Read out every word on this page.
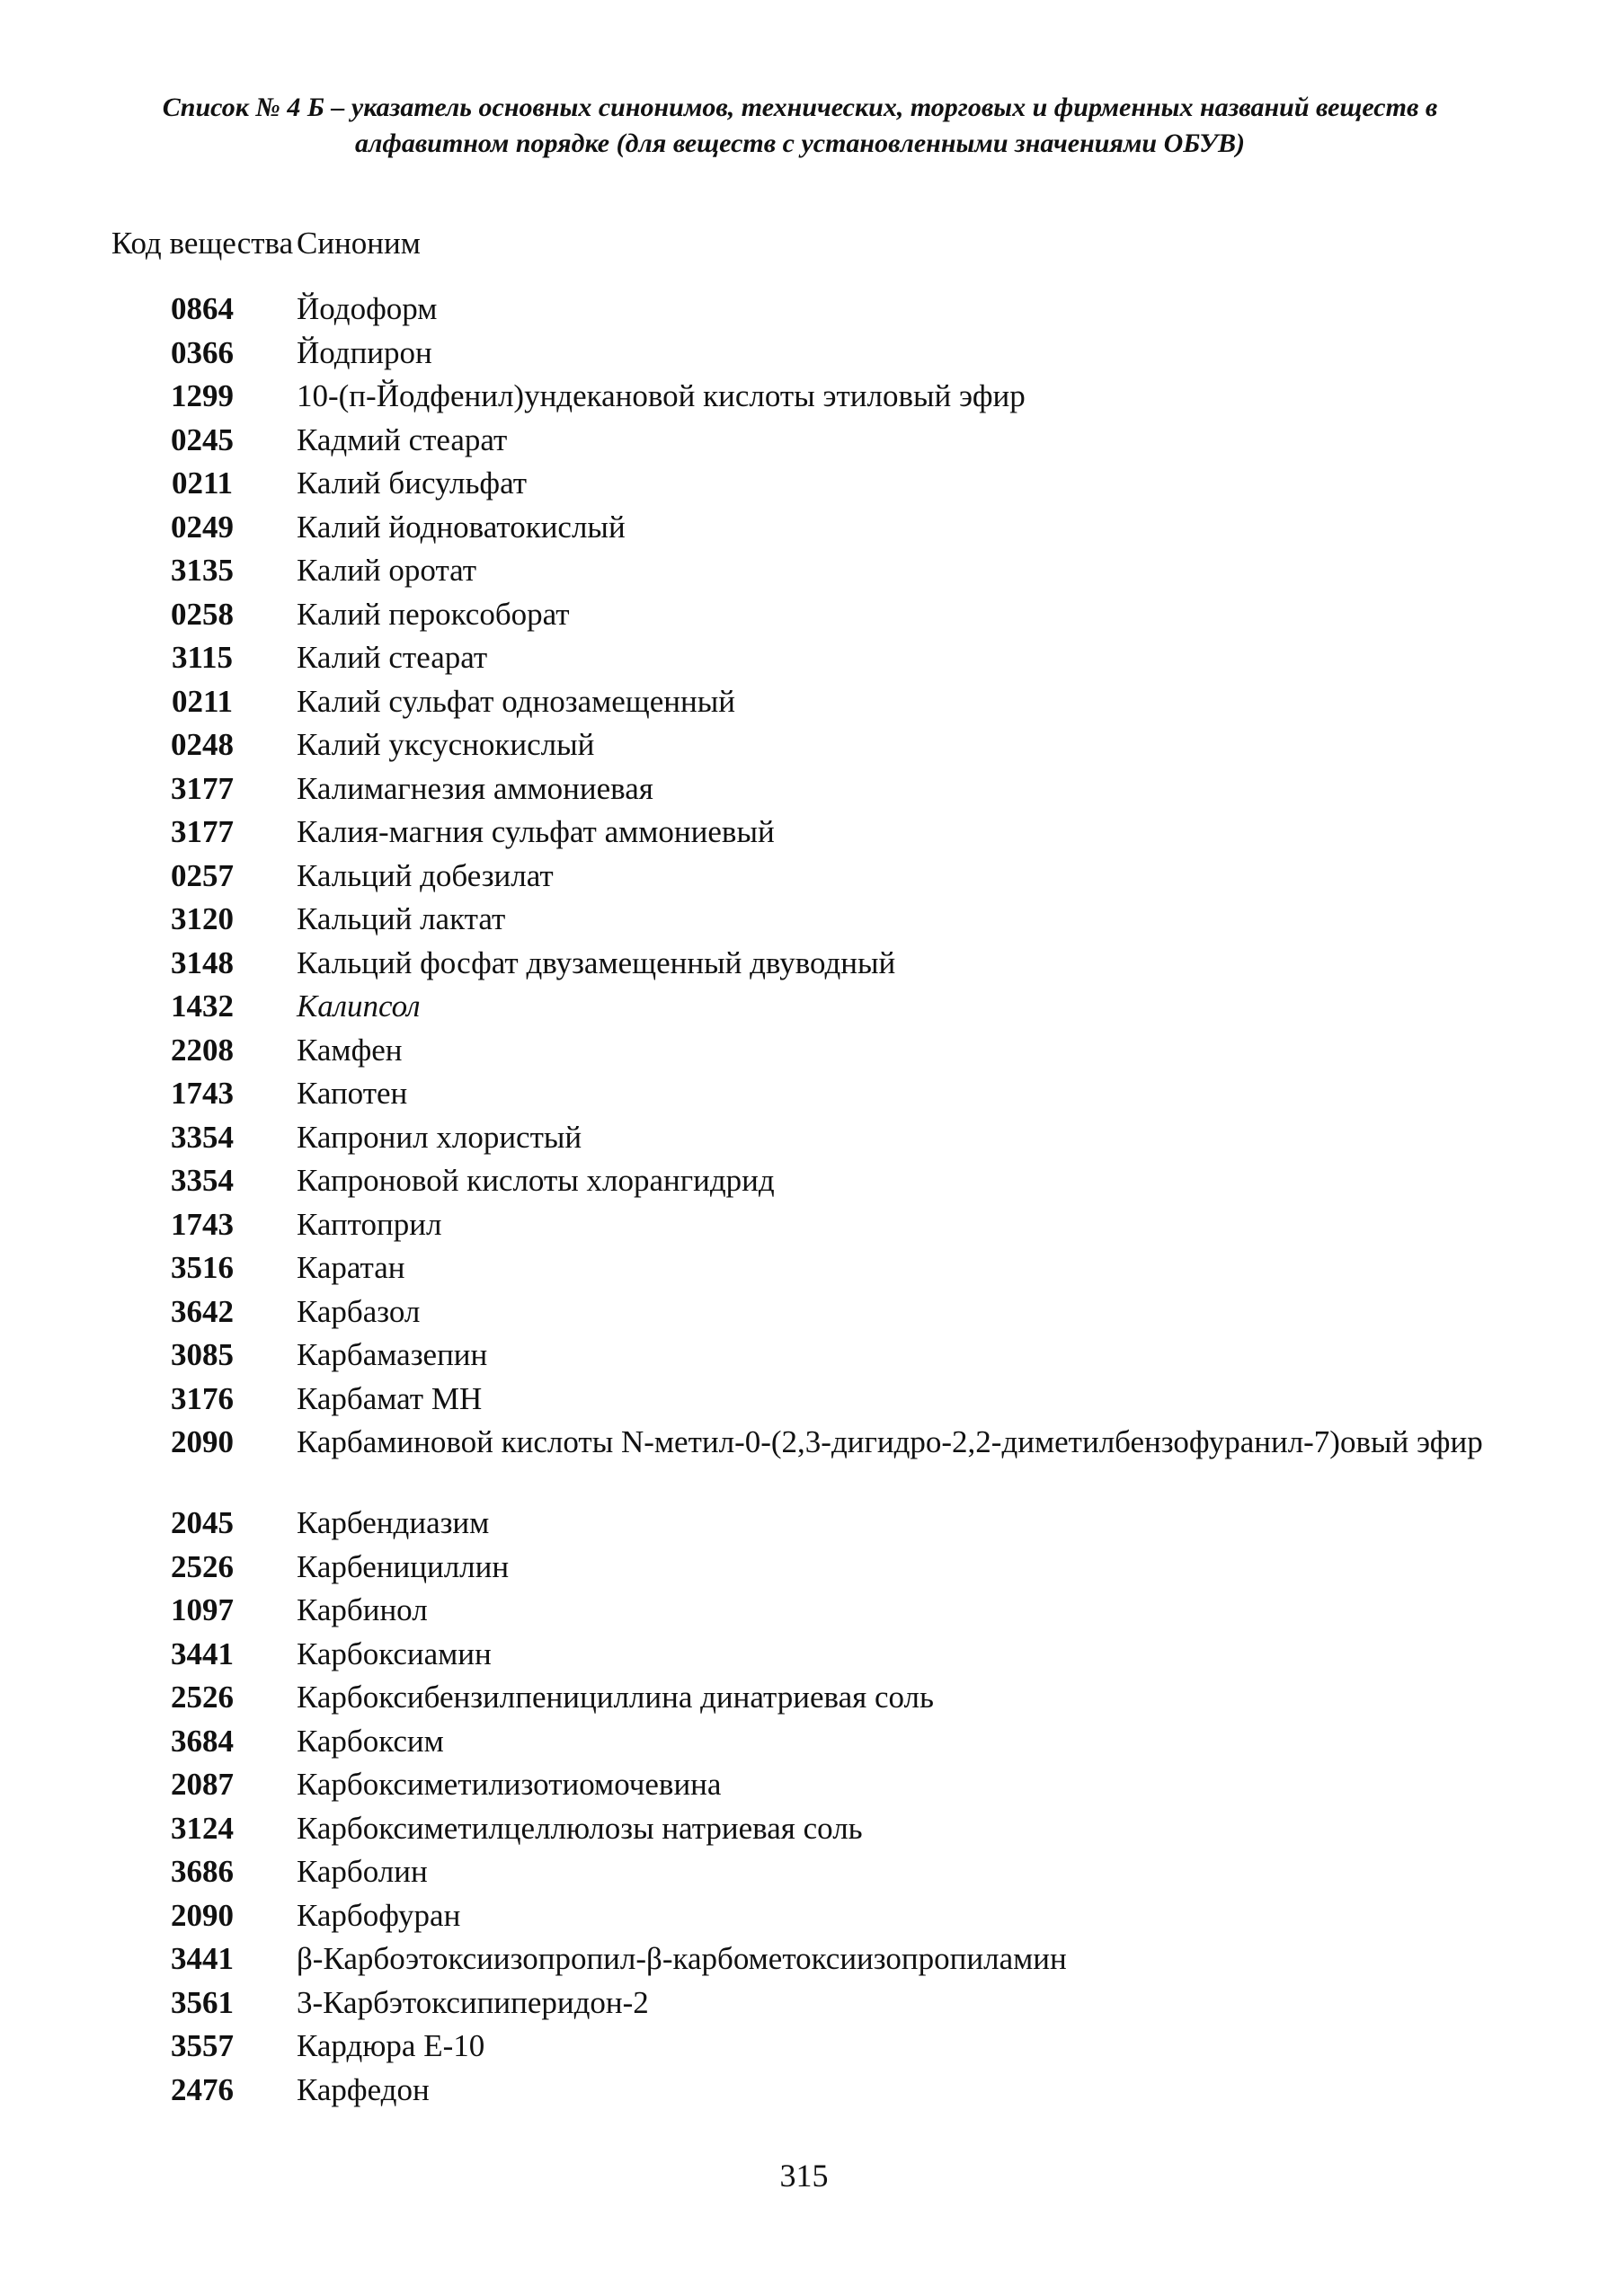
Список № 4 Б – указатель основных синонимов, технических, торговых и фирменных названий веществ в
алфавитном порядке (для веществ с установленными значениями ОБУВ)
Код вещества Синоним
0864	Йодоформ
0366	Йодпирон
1299	10-(п-Йодфенил)ундекановой кислоты этиловый эфир
0245	Кадмий стеарат
0211	Калий бисульфат
0249	Калий йодноватокислый
3135	Калий оротат
0258	Калий пероксоборат
3115	Калий стеарат
0211	Калий сульфат однозамещенный
0248	Калий уксуснокислый
3177	Калимагнезия аммониевая
3177	Калия-магния сульфат аммониевый
0257	Кальций добезилат
3120	Кальций лактат
3148	Кальций фосфат двузамещенный двуводный
1432	Калипсол
2208	Камфен
1743	Капотен
3354	Капронил хлористый
3354	Капроновой кислоты хлорангидрид
1743	Каптоприл
3516	Каратан
3642	Карбазол
3085	Карбамазепин
3176	Карбамат МН
2090	Карбаминовой кислоты N-метил-0-(2,3-дигидро-2,2-диметилбензофуранил-7)овый эфир
2045	Карбендиазим
2526	Карбенициллин
1097	Карбинол
3441	Карбоксиамин
2526	Карбоксибензилпенициллина динатриевая соль
3684	Карбоксим
2087	Карбоксиметилизотиомочевина
3124	Карбоксиметилцеллюлозы натриевая соль
3686	Карболин
2090	Карбофуран
3441	β-Карбоэтоксиизопропил-β-карбометоксиизопропиламин
3561	3-Карбэтоксипиперидон-2
3557	Кардюра Е-10
2476	Карфедон
315
